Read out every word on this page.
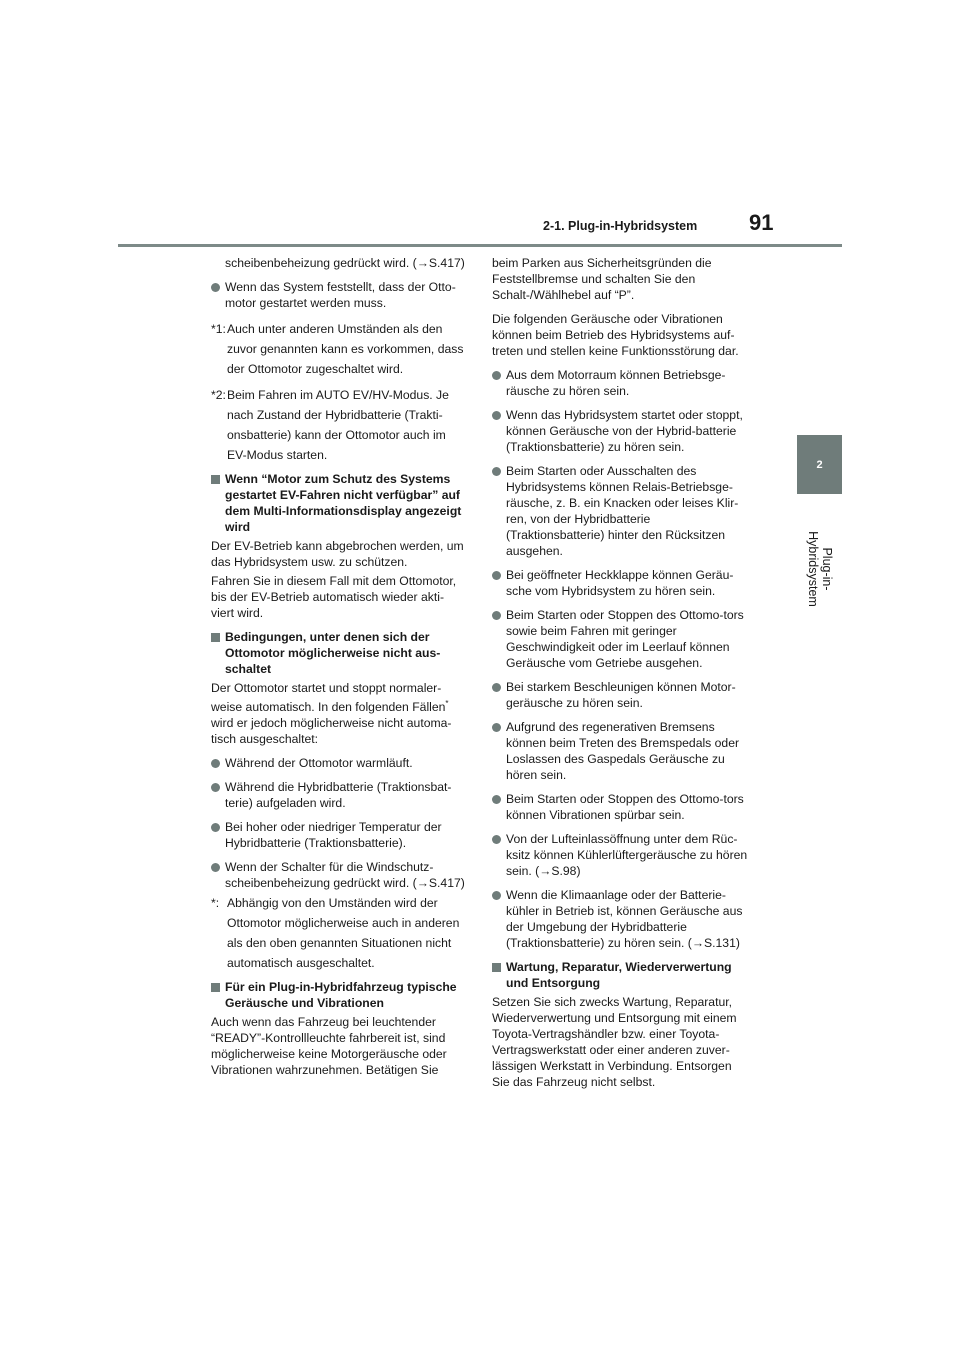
2-1. Plug-in-Hybridsystem 91
2
Plug-in-Hybridsystem

scheibenbeheizung gedrückt wird. (→S.417)

Wenn das System feststellt, dass der Otto-motor gestartet werden muss.
*1: Auch unter anderen Umständen als den zuvor genannten kann es vorkommen, dass der Ottomotor zugeschaltet wird.
*2: Beim Fahren im AUTO EV/HV-Modus. Je nach Zustand der Hybridbatterie (Trakti-onsbatterie) kann der Ottomotor auch im EV-Modus starten.
Wenn “Motor zum Schutz des Systems gestartet EV-Fahren nicht verfügbar” auf dem Multi-Informationsdisplay angezeigt wird

Der EV-Betrieb kann abgebrochen werden, um das Hybridsystem usw. zu schützen.

Fahren Sie in diesem Fall mit dem Ottomotor, bis der EV-Betrieb automatisch wieder akti-viert wird.

Bedingungen, unter denen sich der Ottomotor möglicherweise nicht aus-schaltet

Der Ottomotor startet und stoppt normaler-weise automatisch. In den folgenden Fällen* wird er jedoch möglicherweise nicht automa-tisch ausgeschaltet:

Während der Ottomotor warmläuft.
Während die Hybridbatterie (Traktionsbat-terie) aufgeladen wird.
Bei hoher oder niedriger Temperatur der Hybridbatterie (Traktionsbatterie).
Wenn der Schalter für die Windschutz-scheibenbeheizung gedrückt wird. (→S.417)
*: Abhängig von den Umständen wird der Ottomotor möglicherweise auch in anderen als den oben genannten Situationen nicht automatisch ausgeschaltet.
Für ein Plug-in-Hybridfahrzeug typische Geräusche und Vibrationen

Auch wenn das Fahrzeug bei leuchtender “READY”-Kontrollleuchte fahrbereit ist, sind möglicherweise keine Motorgeräusche oder Vibrationen wahrzunehmen. Betätigen Sie

beim Parken aus Sicherheitsgründen die Feststellbremse und schalten Sie den Schalt-/Wählhebel auf “P”.

Die folgenden Geräusche oder Vibrationen können beim Betrieb des Hybridsystems auf-treten und stellen keine Funktionsstörung dar.

Aus dem Motorraum können Betriebsge-räusche zu hören sein.
Wenn das Hybridsystem startet oder stoppt, können Geräusche von der Hybrid-batterie (Traktionsbatterie) zu hören sein.
Beim Starten oder Ausschalten des Hybridsystems können Relais-Betriebsge-räusche, z. B. ein Knacken oder leises Klir-ren, von der Hybridbatterie (Traktionsbatterie) hinter den Rücksitzen ausgehen.
Bei geöffneter Heckklappe können Geräu-sche vom Hybridsystem zu hören sein.
Beim Starten oder Stoppen des Ottomo-tors sowie beim Fahren mit geringer Geschwindigkeit oder im Leerlauf können Geräusche vom Getriebe ausgehen.
Bei starkem Beschleunigen können Motor-geräusche zu hören sein.
Aufgrund des regenerativen Bremsens können beim Treten des Bremspedals oder Loslassen des Gaspedals Geräusche zu hören sein.
Beim Starten oder Stoppen des Ottomo-tors können Vibrationen spürbar sein.
Von der Lufteinlassöffnung unter dem Rüc-ksitz können Kühlerlüftergeräusche zu hören sein. (→S.98)
Wenn die Klimaanlage oder der Batterie-kühler in Betrieb ist, können Geräusche aus der Umgebung der Hybridbatterie (Traktionsbatterie) zu hören sein. (→S.131)
Wartung, Reparatur, Wiederverwertung und Entsorgung

Setzen Sie sich zwecks Wartung, Reparatur, Wiederverwertung und Entsorgung mit einem Toyota-Vertragshändler bzw. einer Toyota-Vertragswerkstatt oder einer anderen zuver-lässigen Werkstatt in Verbindung. Entsorgen Sie das Fahrzeug nicht selbst.
